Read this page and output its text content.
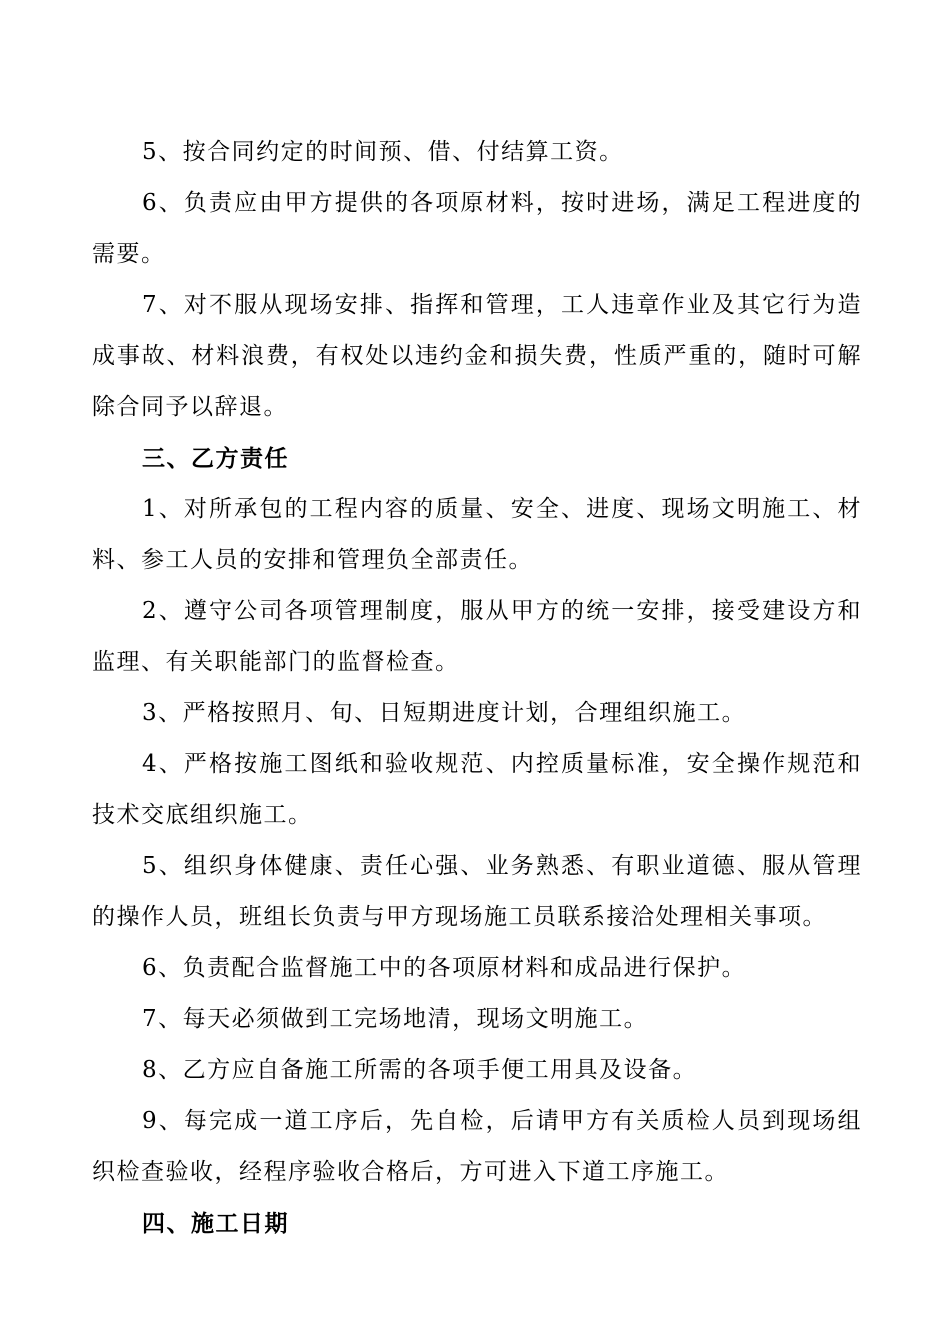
5、按合同约定的时间预、借、付结算工资。

6、负责应由甲方提供的各项原材料，按时进场，满足工程进度的需要。

7、对不服从现场安排、指挥和管理，工人违章作业及其它行为造成事故、材料浪费，有权处以违约金和损失费，性质严重的，随时可解除合同予以辞退。

三、乙方责任

1、对所承包的工程内容的质量、安全、进度、现场文明施工、材料、参工人员的安排和管理负全部责任。

2、遵守公司各项管理制度，服从甲方的统一安排，接受建设方和监理、有关职能部门的监督检查。

3、严格按照月、旬、日短期进度计划，合理组织施工。

4、严格按施工图纸和验收规范、内控质量标准，安全操作规范和技术交底组织施工。

5、组织身体健康、责任心强、业务熟悉、有职业道德、服从管理的操作人员，班组长负责与甲方现场施工员联系接洽处理相关事项。

6、负责配合监督施工中的各项原材料和成品进行保护。

7、每天必须做到工完场地清，现场文明施工。

8、乙方应自备施工所需的各项手便工用具及设备。

9、每完成一道工序后，先自检，后请甲方有关质检人员到现场组织检查验收，经程序验收合格后，方可进入下道工序施工。

四、施工日期
